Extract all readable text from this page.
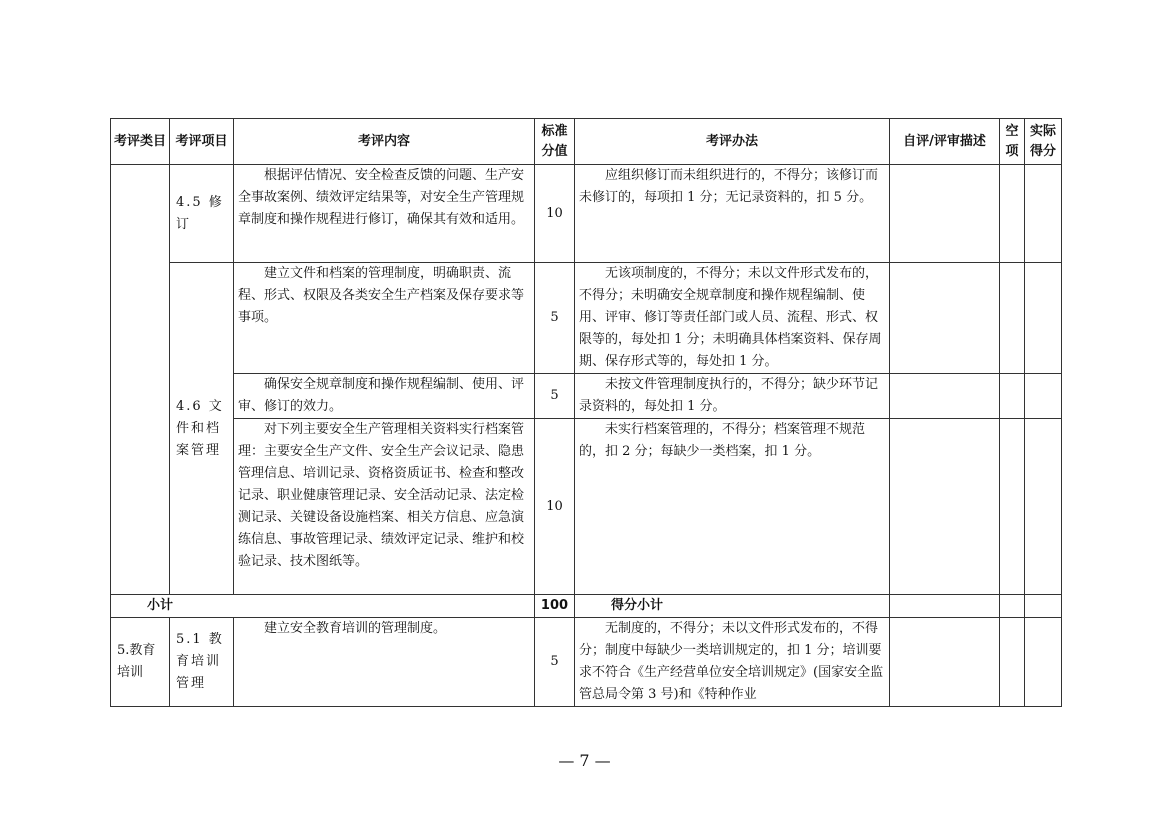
考评类目	考评项目	考评内容	标准分值	考评办法	自评/评审描述	空项	实际得分
	4.5 修订	根据评估情况、安全检查反馈的问题、生产安全事故案例、绩效评定结果等，对安全生产管理规章制度和操作规程进行修订，确保其有效和适用。	10	应组织修订而未组织进行的，不得分；该修订而未修订的，每项扣 1 分；无记录资料的，扣 5 分。			
	4.6 文件和档案管理	建立文件和档案的管理制度，明确职责、流程、形式、权限及各类安全生产档案及保存要求等事项。	5	无该项制度的，不得分；未以文件形式发布的，不得分；未明确安全规章制度和操作规程编制、使用、评审、修订等责任部门或人员、流程、形式、权限等的，每处扣 1 分；未明确具体档案资料、保存周期、保存形式等的，每处扣 1 分。			
		确保安全规章制度和操作规程编制、使用、评审、修订的效力。	5	未按文件管理制度执行的，不得分；缺少环节记录资料的，每处扣 1 分。			
		对下列主要安全生产管理相关资料实行档案管理：主要安全生产文件、安全生产会议记录、隐患管理信息、培训记录、资格资质证书、检查和整改记录、职业健康管理记录、安全活动记录、法定检测记录、关键设备设施档案、相关方信息、应急演练信息、事故管理记录、绩效评定记录、维护和校验记录、技术图纸等。	10	未实行档案管理的，不得分；档案管理不规范的，扣 2 分；每缺少一类档案，扣 1 分。			
小计			100	得分小计			
5.教育培训	5.1 教育培训管理	建立安全教育培训的管理制度。	5	无制度的，不得分；未以文件形式发布的，不得分；制度中每缺少一类培训规定的，扣 1 分；培训要求不符合《生产经营单位安全培训规定》(国家安全监管总局令第 3 号)和《特种作业			
— 7 —
